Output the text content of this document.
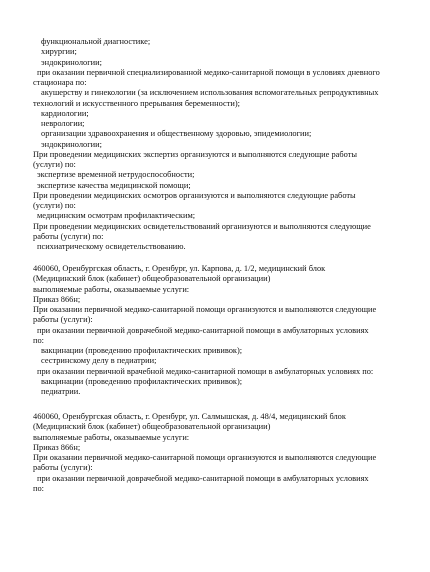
функциональной диагностике;
хирургии;
эндокринологии;
при оказании первичной специализированной медико-санитарной помощи в условиях дневного
стационара по:
акушерству и гинекологии (за исключением использования вспомогательных репродуктивных
технологий и искусственного прерывания беременности);
кардиологии;
неврологии;
организации здравоохранения и общественному здоровью, эпидемиологии;
эндокринологии;
При проведении медицинских экспертиз организуются и выполняются следующие работы
(услуги) по:
экспертизе временной нетрудоспособности;
экспертизе качества медицинской помощи;
При проведении медицинских осмотров организуются и выполняются следующие работы
(услуги) по:
медицинским осмотрам профилактическим;
При проведении медицинских освидетельствований организуются и выполняются следующие
работы (услуги) по:
психиатрическому освидетельствованию.
460060, Оренбургская область, г. Оренбург, ул. Карпова, д. 1/2, медицинский блок
(Медицинский блок (кабинет) общеобразовательной организации)
выполняемые работы, оказываемые услуги:
Приказ 866н;
При оказании первичной медико-санитарной помощи организуются и выполняются следующие
работы (услуги):
при оказании первичной доврачебной медико-санитарной помощи в амбулаторных условиях
по:
вакцинации (проведению профилактических прививок);
сестринскому делу в педиатрии;
при оказании первичной врачебной медико-санитарной помощи в амбулаторных условиях по:
вакцинации (проведению профилактических прививок);
педиатрии.
460060, Оренбургская область, г. Оренбург, ул. Салмышская, д. 48/4, медицинский блок
(Медицинский блок (кабинет) общеобразовательной организации)
выполняемые работы, оказываемые услуги:
Приказ 866н;
При оказании первичной медико-санитарной помощи организуются и выполняются следующие
работы (услуги):
при оказании первичной доврачебной медико-санитарной помощи в амбулаторных условиях
по:
